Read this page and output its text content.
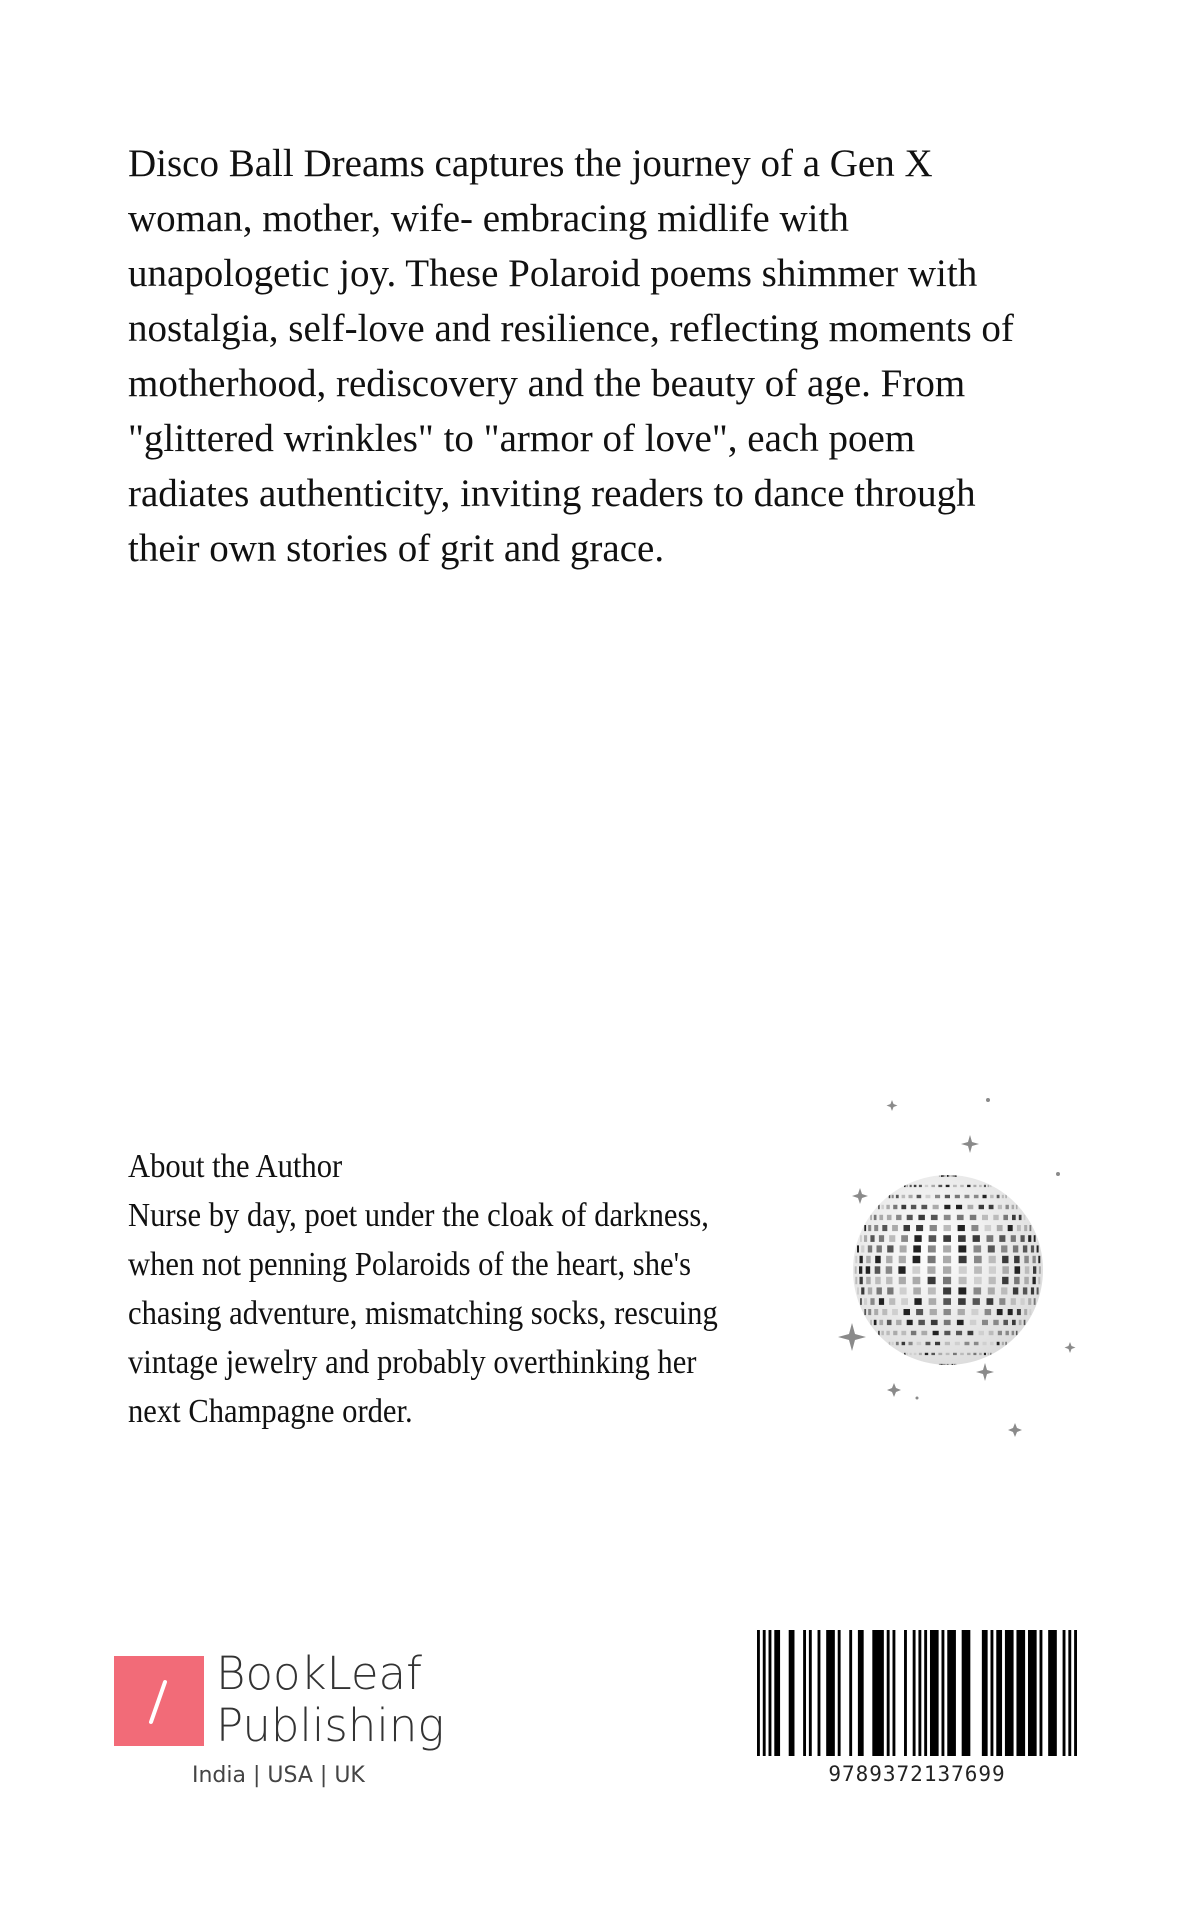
Disco Ball Dreams captures the journey of a Gen X
woman, mother, wife- embracing midlife with
unapologetic joy. These Polaroid poems shimmer with
nostalgia, self-love and resilience, reflecting moments of
motherhood, rediscovery and the beauty of age. From
"glittered wrinkles" to "armor of love", each poem
radiates authenticity, inviting readers to dance through
their own stories of grit and grace.
About the Author
Nurse by day, poet under the cloak of darkness,
when not penning Polaroids of the heart, she's
chasing adventure, mismatching socks, rescuing
vintage jewelry and probably overthinking her
next Champagne order.
BookLeaf
Publishing
India | USA | UK	9789372137699
